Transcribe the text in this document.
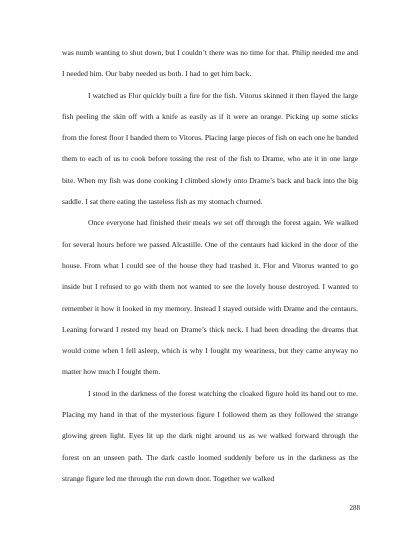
was numb wanting to shut down, but I couldn’t there was no time for that. Philip needed me and I needed him. Our baby needed us both. I had to get him back.

I watched as Flor quickly built a fire for the fish. Vitorus skinned it then flayed the large fish peeling the skin off with a knife as easily as if it were an orange. Picking up some sticks from the forest floor I handed them to Vitorus. Placing large pieces of fish on each one he handed them to each of us to cook before tossing the rest of the fish to Drame, who ate it in one large bite. When my fish was done cooking I climbed slowly onto Drame’s back and back into the big saddle. I sat there eating the tasteless fish as my stomach churned.

Once everyone had finished their meals we set off through the forest again. We walked for several hours before we passed Alcastille. One of the centaurs had kicked in the door of the house. From what I could see of the house they had trashed it. Flor and Vitorus wanted to go inside but I refused to go with them not wanted to see the lovely house destroyed. I wanted to remember it how it looked in my memory. Instead I stayed outside with Drame and the centaurs. Leaning forward I rested my head on Drame’s thick neck. I had been dreading the dreams that would come when I fell asleep, which is why I fought my weariness, but they came anyway no matter how much I fought them.

I stood in the darkness of the forest watching the cloaked figure hold its hand out to me. Placing my hand in that of the mysterious figure I followed them as they followed the strange glowing green light. Eyes lit up the dark night around us as we walked forward through the forest on an unseen path. The dark castle loomed suddenly before us in the darkness as the strange figure led me through the run down door. Together we walked

288
